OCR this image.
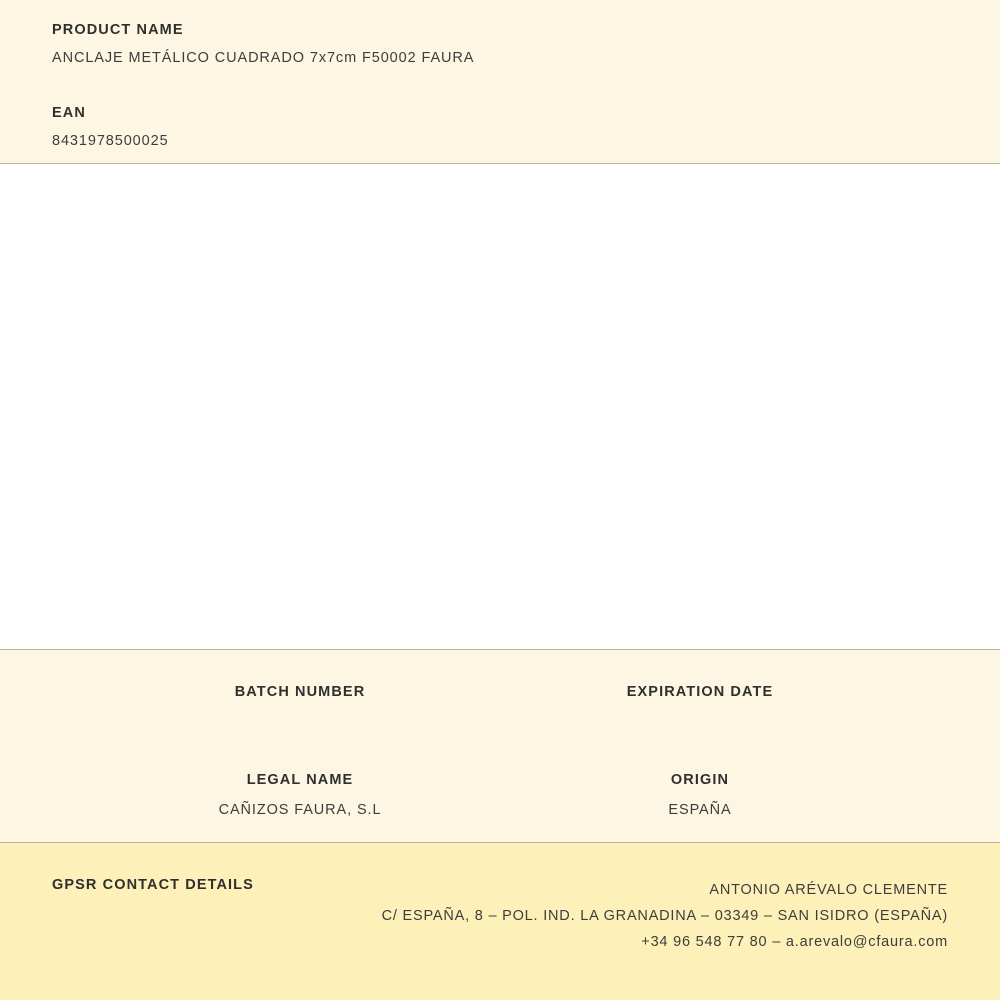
PRODUCT NAME
ANCLAJE METÁLICO CUADRADO 7x7cm F50002 FAURA
EAN
8431978500025
BATCH NUMBER	EXPIRATION DATE
LEGAL NAME
CAÑIZOS FAURA, S.L
ORIGIN
ESPAÑA
GPSR CONTACT DETAILS	ANTONIO ARÉVALO CLEMENTE
C/ ESPAÑA, 8 – POL. IND. LA GRANADINA – 03349 – SAN ISIDRO (ESPAÑA)
+34 96 548 77 80 – a.arevalo@cfaura.com
